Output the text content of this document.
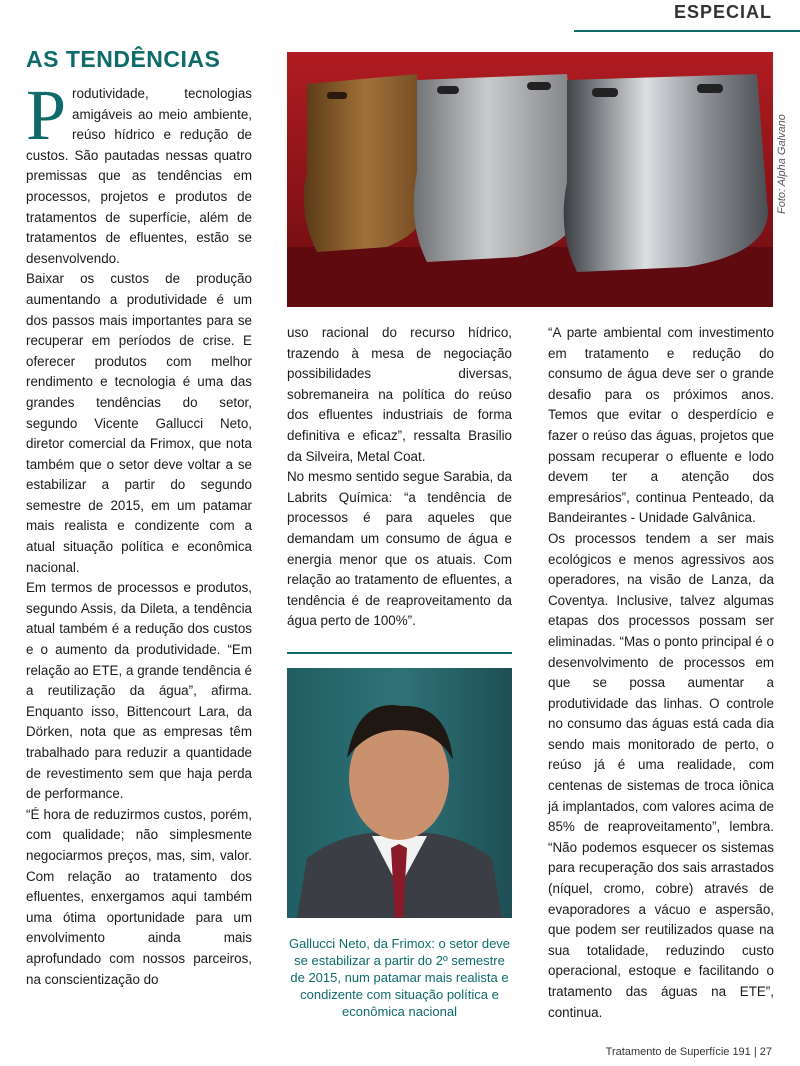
ESPECIAL
AS TENDÊNCIAS

Produtividade, tecnologias amigáveis ao meio ambiente, reúso hídrico e redução de custos. São pautadas nessas quatro premissas que as tendências em processos, projetos e produtos de tratamentos de superfície, além de tratamentos de efluentes, estão se desenvolvendo.

Baixar os custos de produção aumentando a produtividade é um dos passos mais importantes para se recuperar em períodos de crise. E oferecer produtos com melhor rendimento e tecnologia é uma das grandes tendências do setor, segundo Vicente Gallucci Neto, diretor comercial da Frimox, que nota também que o setor deve voltar a se estabilizar a partir do segundo semestre de 2015, em um patamar mais realista e condizente com a atual situação política e econômica nacional.

Em termos de processos e produtos, segundo Assis, da Dileta, a tendência atual também é a redução dos custos e o aumento da produtividade. “Em relação ao ETE, a grande tendência é a reutilização da água”, afirma. Enquanto isso, Bittencourt Lara, da Dörken, nota que as empresas têm trabalhado para reduzir a quantidade de revestimento sem que haja perda de performance.

“É hora de reduzirmos custos, porém, com qualidade; não simplesmente negociarmos preços, mas, sim, valor. Com relação ao tratamento dos efluentes, enxergamos aqui também uma ótima oportunidade para um envolvimento ainda mais aprofundado com nossos parceiros, na conscientização do

Foto: Alpha Galvano

uso racional do recurso hídrico, trazendo à mesa de negociação possibilidades diversas, sobremaneira na política do reúso dos efluentes industriais de forma definitiva e eficaz”, ressalta Brasilio da Silveira, Metal Coat.

No mesmo sentido segue Sarabia, da Labrits Química: “a tendência de processos é para aqueles que demandam um consumo de água e energia menor que os atuais. Com relação ao tratamento de efluentes, a tendência é de reaproveitamento da água perto de 100%”.

Gallucci Neto, da Frimox: o setor deve se estabilizar a partir do 2º semestre de 2015, num patamar mais realista e condizente com situação política e econômica nacional

“A parte ambiental com investimento em tratamento e redução do consumo de água deve ser o grande desafio para os próximos anos. Temos que evitar o desperdício e fazer o reúso das águas, projetos que possam recuperar o efluente e lodo devem ter a atenção dos empresários”, continua Penteado, da Bandeirantes - Unidade Galvânica.

Os processos tendem a ser mais ecológicos e menos agressivos aos operadores, na visão de Lanza, da Coventya. Inclusive, talvez algumas etapas dos processos possam ser eliminadas. “Mas o ponto principal é o desenvolvimento de processos em que se possa aumentar a produtividade das linhas. O controle no consumo das águas está cada dia sendo mais monitorado de perto, o reúso já é uma realidade, com centenas de sistemas de troca iônica já implantados, com valores acima de 85% de reaproveitamento”, lembra. “Não podemos esquecer os sistemas para recuperação dos sais arrastados (níquel, cromo, cobre) através de evaporadores a vácuo e aspersão, que podem ser reutilizados quase na sua totalidade, reduzindo custo operacional, estoque e facilitando o tratamento das águas na ETE”, continua.

Tratamento de Superfície 191 | 27
